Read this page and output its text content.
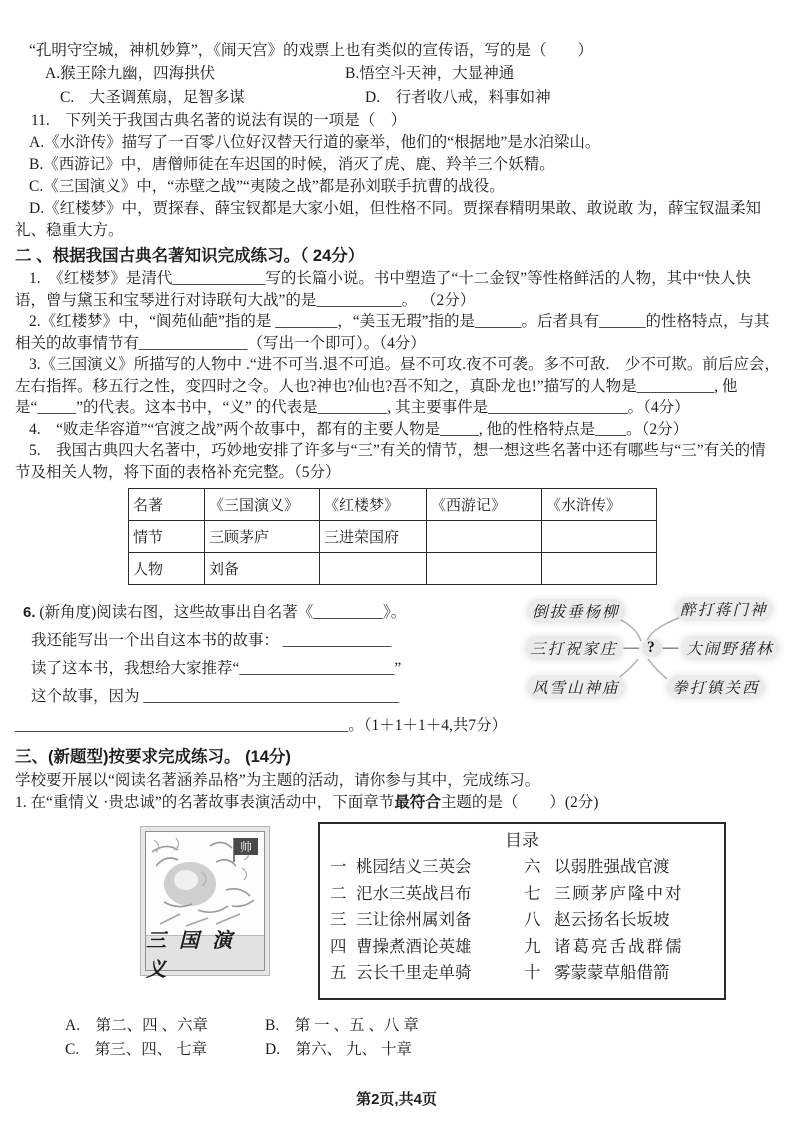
“孔明守空城，神机妙算”，《闹天宫》的戏票上也有类似的宣传语，写的是（　　）

A.猴王除九幽，四海拱伏	B.悟空斗天神，大显神通
C.　大圣调蕉扇，足智多谋	D.　行者收八戒，料事如神

11.　下列关于我国古典名著的说法有误的一项是（　）

A.《水浒传》描写了一百零八位好汉替天行道的豪举，他们的“根据地”是水泊梁山。

B.《西游记》中，唐僧师徒在车迟国的时候，消灭了虎、鹿、羚羊三个妖精。

C.《三国演义》中，“赤壁之战”“夷陵之战”都是孙刘联手抗曹的战役。

D.《红楼梦》中，贾探春、薛宝钗都是大家小姐，但性格不同。贾探春精明果敢、敢说敢 为，薛宝钗温柔知礼、稳重大方。

二 、根据我国古典名著知识完成练习。（ 24分）

1.　《红楼梦》是清代____________写的长篇小说。书中塑造了“十二金钗”等性格鲜活的人物，其中“快人快语，曾与黛玉和宝琴进行对诗联句大战”的是___________。 （2分）

2.《红楼梦》中，“阆苑仙葩”指的是 ________，“美玉无瑕”指的是______。后者具有______的性格特点，与其相关的故事情节有______________（写出一个即可）。（4分）

3.《三国演义》所描写的人物中 .“进不可当.退不可追。昼不可攻.夜不可袭。多不可敌.　少不可欺。前后应会，左右指挥。移五行之性，变四时之令。人也?神也?仙也?吾不知之，真卧龙也!”描写的人物是__________, 他是“_____”的代表。这本书中，“义” 的代表是_________, 其主要事件是__________________。（4分）

4.　“败走华容道”“官渡之战”两个故事中，都有的主要人物是_____, 他的性格特点是____。（2分）

5.　我国古典四大名著中，巧妙地安排了许多与“三”有关的情节，想一想这些名著中还有哪些与“三”有关的情节及相关人物，将下面的表格补充完整。（5分）

名著	《三国演义》	《红楼梦》	《西游记》	《水浒传》
情节	三顾茅庐	三进荣国府		
人物	刘备			

6. (新角度)阅读右图，这些故事出自名著《_________》。

我还能写出一个出自这本书的故事： ______________

读了这本书，我想给大家推荐“____________________”

这个故事，因为 _________________________________

倒拔垂杨柳	醉打蒋门神
三打祝家庄 — ? — 大闹野猪林
风雪山神庙	拳打镇关西

___________________________________________。（1＋1＋1＋4,共7分）

三、(新题型)按要求完成练习。 (14分)

学校要开展以“阅读名著涵养品格”为主题的活动，请你参与其中，完成练习。

1. 在“重情义 ·贵忠诚”的名著故事表演活动中，下面章节最符合主题的是（　　）(2分)

帅
三 国 演 义
目录
一 桃园结义三英会	六 以弱胜强战官渡
二 汜水三英战吕布	七 三顾茅庐隆中对
三 三让徐州属刘备	八 赵云扬名长坂坡
四 曹操煮酒论英雄	九 诸葛亮舌战群儒
五 云长千里走单骑	十 雾蒙蒙草船借箭
A.　第二、四 、六章	B.　第 一 、五 、八 章
C.　第三、四、 七章	D.　第六、 九、 十章
第2页,共4页
